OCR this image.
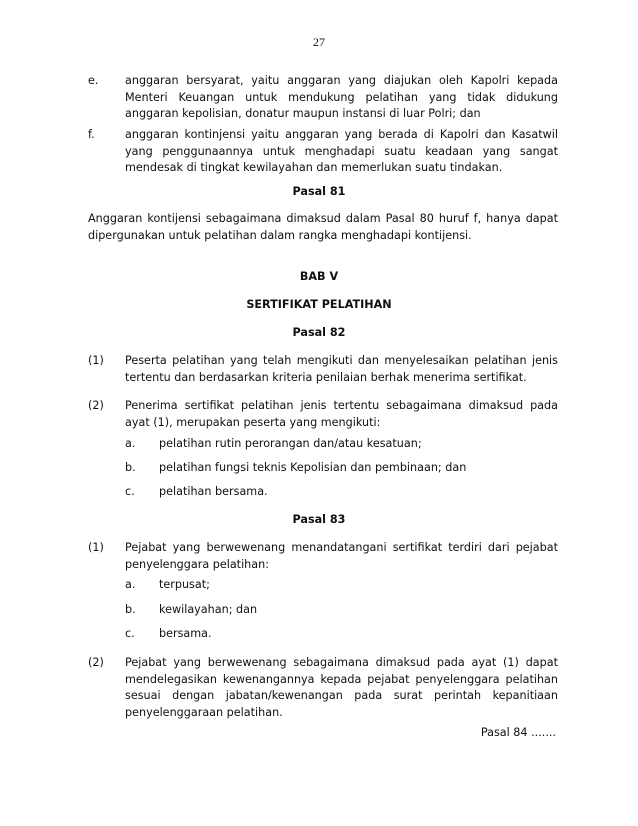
27
e. anggaran bersyarat, yaitu anggaran yang diajukan oleh Kapolri kepada Menteri Keuangan untuk mendukung pelatihan yang tidak didukung anggaran kepolisian, donatur maupun instansi di luar Polri; dan
f.	anggaran kontinjensi yaitu anggaran yang berada di Kapolri dan Kasatwil yang penggunaannya untuk menghadapi suatu keadaan yang sangat mendesak di tingkat kewilayahan dan memerlukan suatu tindakan.
Pasal 81
Anggaran kontijensi sebagaimana dimaksud dalam Pasal 80 huruf f, hanya dapat dipergunakan untuk pelatihan dalam rangka menghadapi kontijensi.
BAB V
SERTIFIKAT PELATIHAN
Pasal 82
(1) Peserta pelatihan yang telah mengikuti dan menyelesaikan pelatihan jenis tertentu dan berdasarkan kriteria penilaian berhak menerima sertifikat.
(2) Penerima sertifikat pelatihan jenis tertentu sebagaimana dimaksud pada ayat (1), merupakan peserta yang mengikuti:
a. pelatihan rutin perorangan dan/atau kesatuan;
b. pelatihan fungsi teknis Kepolisian dan pembinaan; dan
c. pelatihan bersama.
Pasal 83
(1) Pejabat yang berwewenang menandatangani sertifikat terdiri dari pejabat penyelenggara pelatihan:
a. terpusat;
b. kewilayahan; dan
c. bersama.
(2) Pejabat yang berwewenang sebagaimana dimaksud pada ayat (1) dapat mendelegasikan kewenangannya kepada pejabat penyelenggara pelatihan sesuai dengan jabatan/kewenangan pada surat perintah kepanitiaan penyelenggaraan pelatihan.
Pasal 84 .......
